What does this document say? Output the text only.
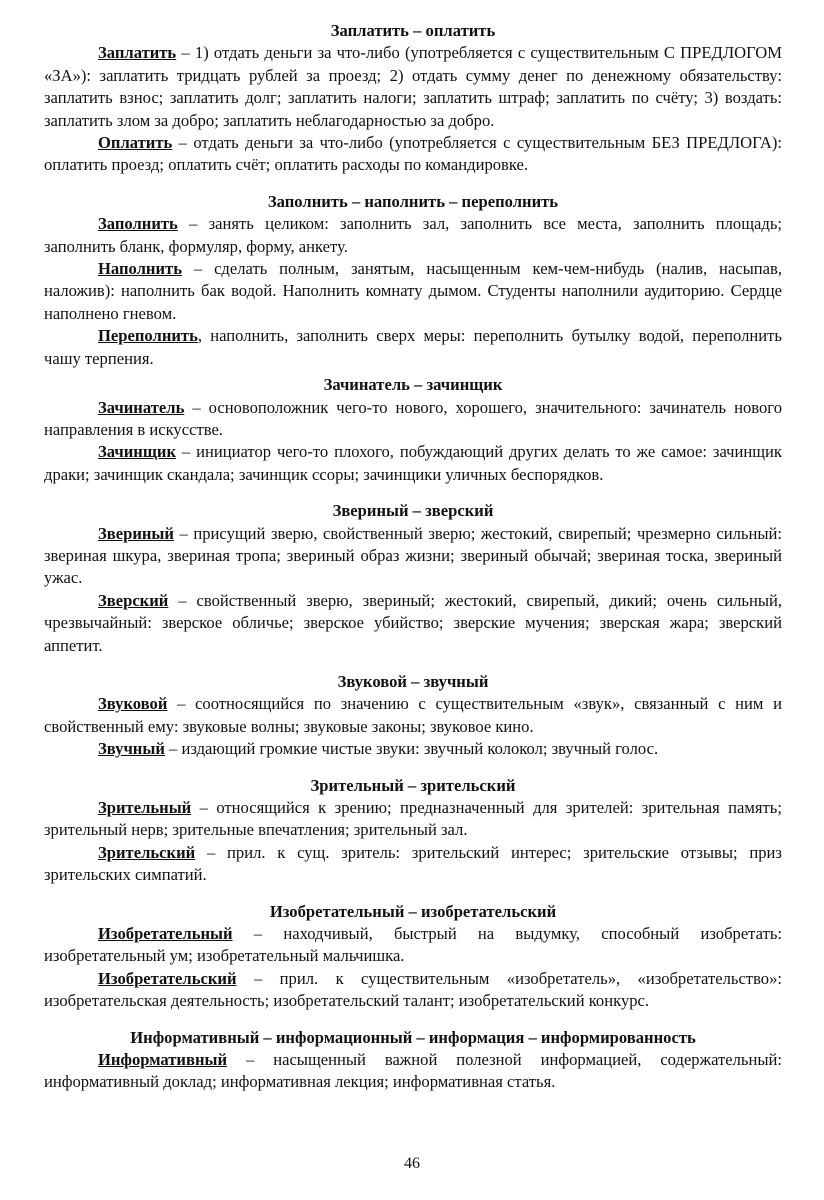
Заплатить – оплатить

Заплатить – 1) отдать деньги за что-либо (употребляется с существительным С ПРЕДЛОГОМ «ЗА»): заплатить тридцать рублей за проезд; 2) отдать сумму денег по денежному обязательству: заплатить взнос; заплатить долг; заплатить налоги; заплатить штраф; заплатить по счёту; 3) воздать: заплатить злом за добро; заплатить неблагодарностью за добро.

Оплатить – отдать деньги за что-либо (употребляется с существительным БЕЗ ПРЕДЛОГА): оплатить проезд; оплатить счёт; оплатить расходы по командировке.

Заполнить – наполнить – переполнить

Заполнить – занять целиком: заполнить зал, заполнить все места, заполнить площадь; заполнить бланк, формуляр, форму, анкету.

Наполнить – сделать полным, занятым, насыщенным кем-чем-нибудь (налив, насыпав, наложив): наполнить бак водой. Наполнить комнату дымом. Студенты наполнили аудиторию. Сердце наполнено гневом.

Переполнить, наполнить, заполнить сверх меры: переполнить бутылку водой, переполнить чашу терпения.

Зачинатель – зачинщик

Зачинатель – основоположник чего-то нового, хорошего, значительного: зачинатель нового направления в искусстве.

Зачинщик – инициатор чего-то плохого, побуждающий других делать то же самое: зачинщик драки; зачинщик скандала; зачинщик ссоры; зачинщики уличных беспорядков.

Звериный – зверский

Звериный – присущий зверю, свойственный зверю; жестокий, свирепый; чрезмерно сильный: звериная шкура, звериная тропа; звериный образ жизни; звериный обычай; звериная тоска, звериный ужас.

Зверский – свойственный зверю, звериный; жестокий, свирепый, дикий; очень сильный, чрезвычайный: зверское обличье; зверское убийство; зверские мучения; зверская жара; зверский аппетит.

Звуковой – звучный

Звуковой – соотносящийся по значению с существительным «звук», связанный с ним и свойственный ему: звуковые волны; звуковые законы; звуковое кино.

Звучный – издающий громкие чистые звуки: звучный колокол; звучный голос.

Зрительный – зрительский

Зрительный – относящийся к зрению; предназначенный для зрителей: зрительная память; зрительный нерв; зрительные впечатления; зрительный зал.

Зрительский – прил. к сущ. зритель: зрительский интерес; зрительские отзывы; приз зрительских симпатий.

Изобретательный – изобретательский

Изобретательный – находчивый, быстрый на выдумку, способный изобретать: изобретательный ум; изобретательный мальчишка.

Изобретательский – прил. к существительным «изобретатель», «изобретательство»: изобретательская деятельность; изобретательский талант; изобретательский конкурс.

Информативный – информационный – информация – информированность

Информативный – насыщенный важной полезной информацией, содержательный: информативный доклад; информативная лекция; информативная статья.

46
